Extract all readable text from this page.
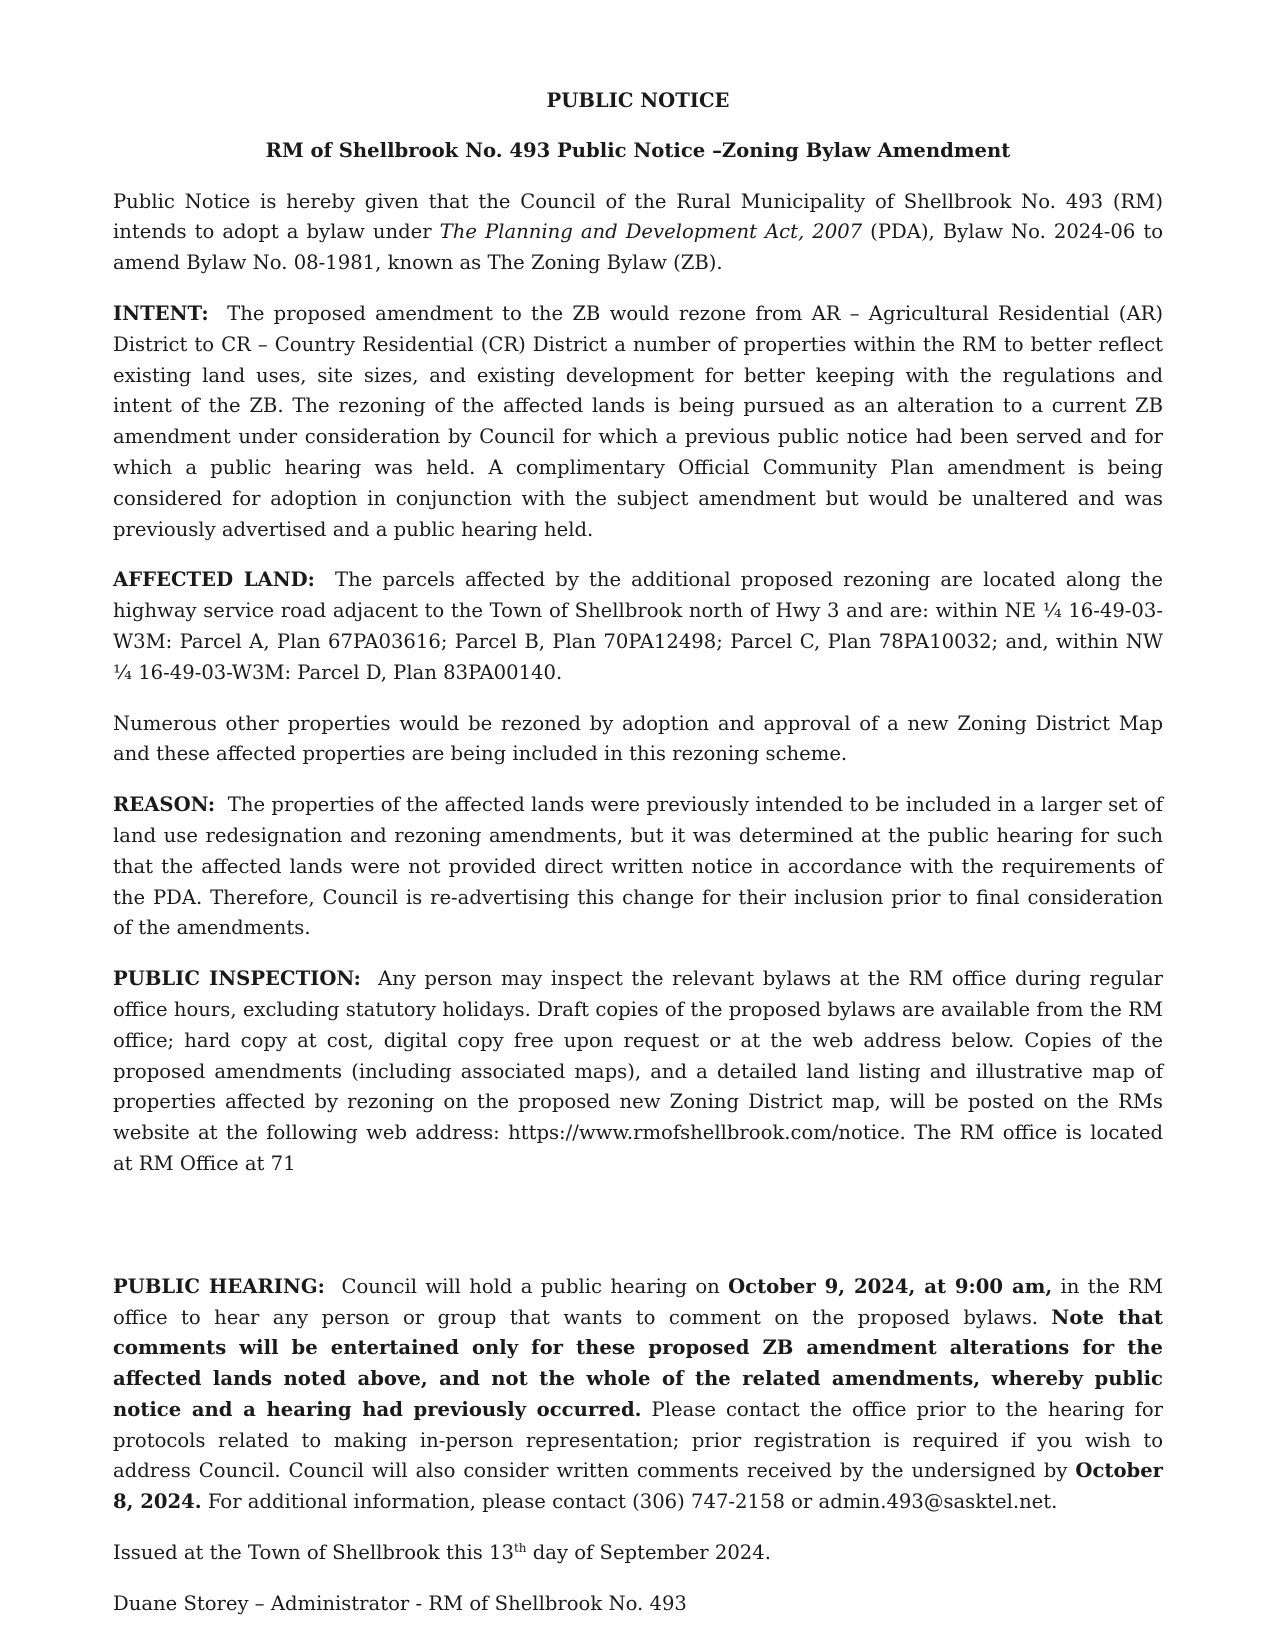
PUBLIC NOTICE

RM of Shellbrook No. 493 Public Notice –Zoning Bylaw Amendment

Public Notice is hereby given that the Council of the Rural Municipality of Shellbrook No. 493 (RM) intends to adopt a bylaw under The Planning and Development Act, 2007 (PDA), Bylaw No. 2024-06 to amend Bylaw No. 08-1981, known as The Zoning Bylaw (ZB).

INTENT: The proposed amendment to the ZB would rezone from AR – Agricultural Residential (AR) District to CR – Country Residential (CR) District a number of properties within the RM to better reflect existing land uses, site sizes, and existing development for better keeping with the regulations and intent of the ZB. The rezoning of the affected lands is being pursued as an alteration to a current ZB amendment under consideration by Council for which a previous public notice had been served and for which a public hearing was held. A complimentary Official Community Plan amendment is being considered for adoption in conjunction with the subject amendment but would be unaltered and was previously advertised and a public hearing held.

AFFECTED LAND: The parcels affected by the additional proposed rezoning are located along the highway service road adjacent to the Town of Shellbrook north of Hwy 3 and are: within NE ¼ 16-49-03-W3M: Parcel A, Plan 67PA03616; Parcel B, Plan 70PA12498; Parcel C, Plan 78PA10032; and, within NW ¼ 16-49-03-W3M: Parcel D, Plan 83PA00140.

Numerous other properties would be rezoned by adoption and approval of a new Zoning District Map and these affected properties are being included in this rezoning scheme.

REASON: The properties of the affected lands were previously intended to be included in a larger set of land use redesignation and rezoning amendments, but it was determined at the public hearing for such that the affected lands were not provided direct written notice in accordance with the requirements of the PDA. Therefore, Council is re-advertising this change for their inclusion prior to final consideration of the amendments.

PUBLIC INSPECTION: Any person may inspect the relevant bylaws at the RM office during regular office hours, excluding statutory holidays. Draft copies of the proposed bylaws are available from the RM office; hard copy at cost, digital copy free upon request or at the web address below. Copies of the proposed amendments (including associated maps), and a detailed land listing and illustrative map of properties affected by rezoning on the proposed new Zoning District map, will be posted on the RMs website at the following web address: https://www.rmofshellbrook.com/notice. The RM office is located at RM Office at 71

PUBLIC HEARING: Council will hold a public hearing on October 9, 2024, at 9:00 am, in the RM office to hear any person or group that wants to comment on the proposed bylaws. Note that comments will be entertained only for these proposed ZB amendment alterations for the affected lands noted above, and not the whole of the related amendments, whereby public notice and a hearing had previously occurred. Please contact the office prior to the hearing for protocols related to making in-person representation; prior registration is required if you wish to address Council. Council will also consider written comments received by the undersigned by October 8, 2024. For additional information, please contact (306) 747-2158 or admin.493@sasktel.net.

Issued at the Town of Shellbrook this 13th day of September 2024.

Duane Storey – Administrator - RM of Shellbrook No. 493
